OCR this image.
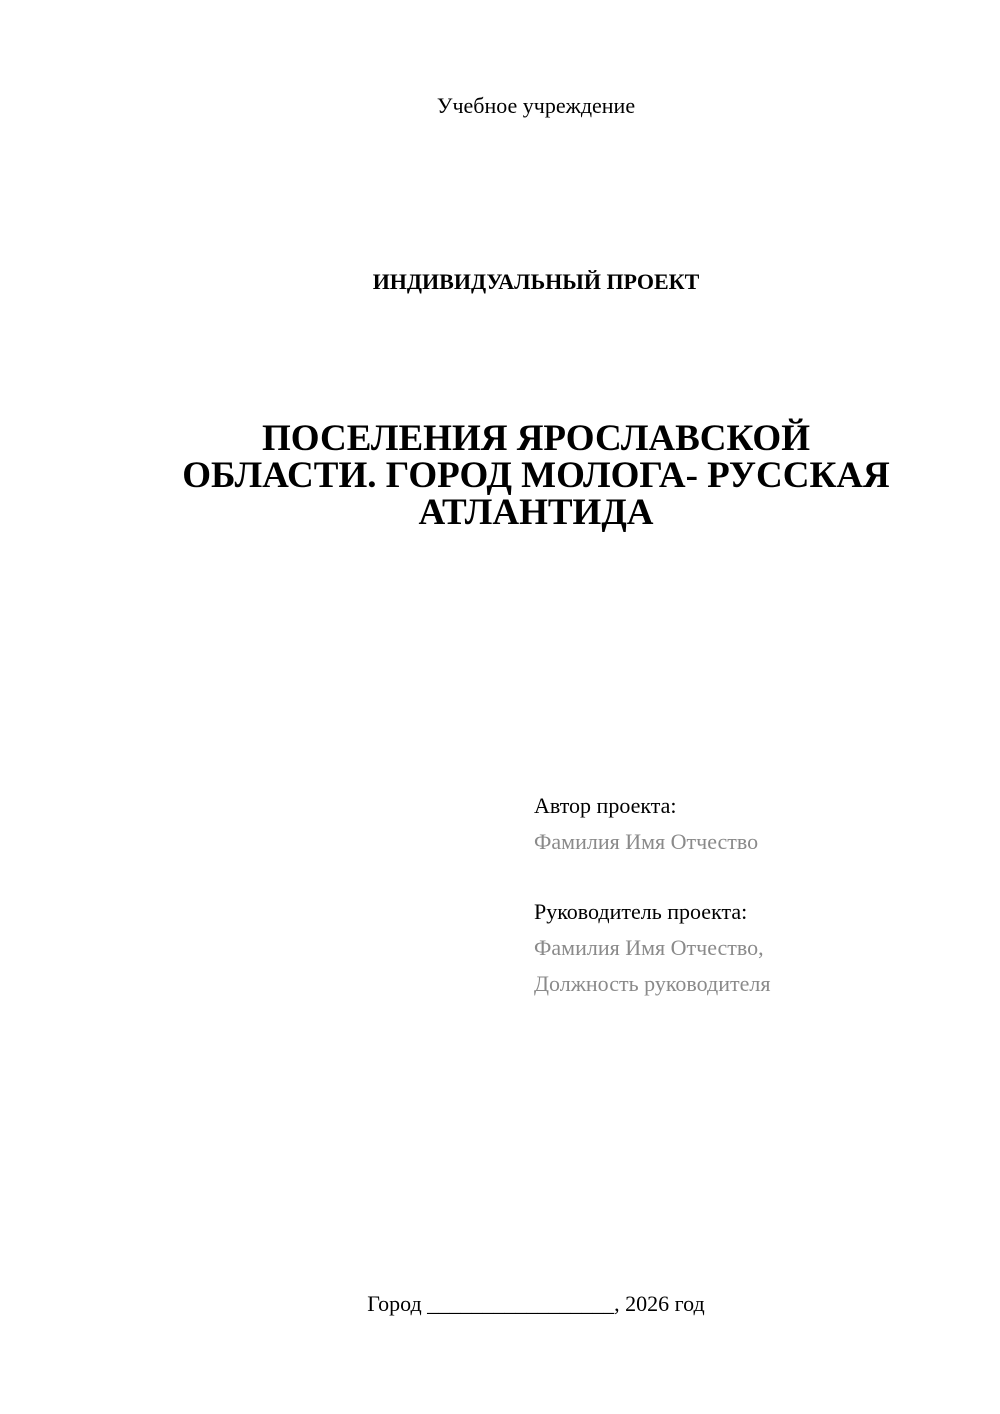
Учебное учреждение
ИНДИВИДУАЛЬНЫЙ ПРОЕКТ
ПОСЕЛЕНИЯ ЯРОСЛАВСКОЙ
ОБЛАСТИ. ГОРОД МОЛОГА- РУССКАЯ
АТЛАНТИДА
Автор проекта:
Фамилия Имя Отчество
Руководитель проекта:
Фамилия Имя Отчество,
Должность руководителя
Город _________________, 2026 год
